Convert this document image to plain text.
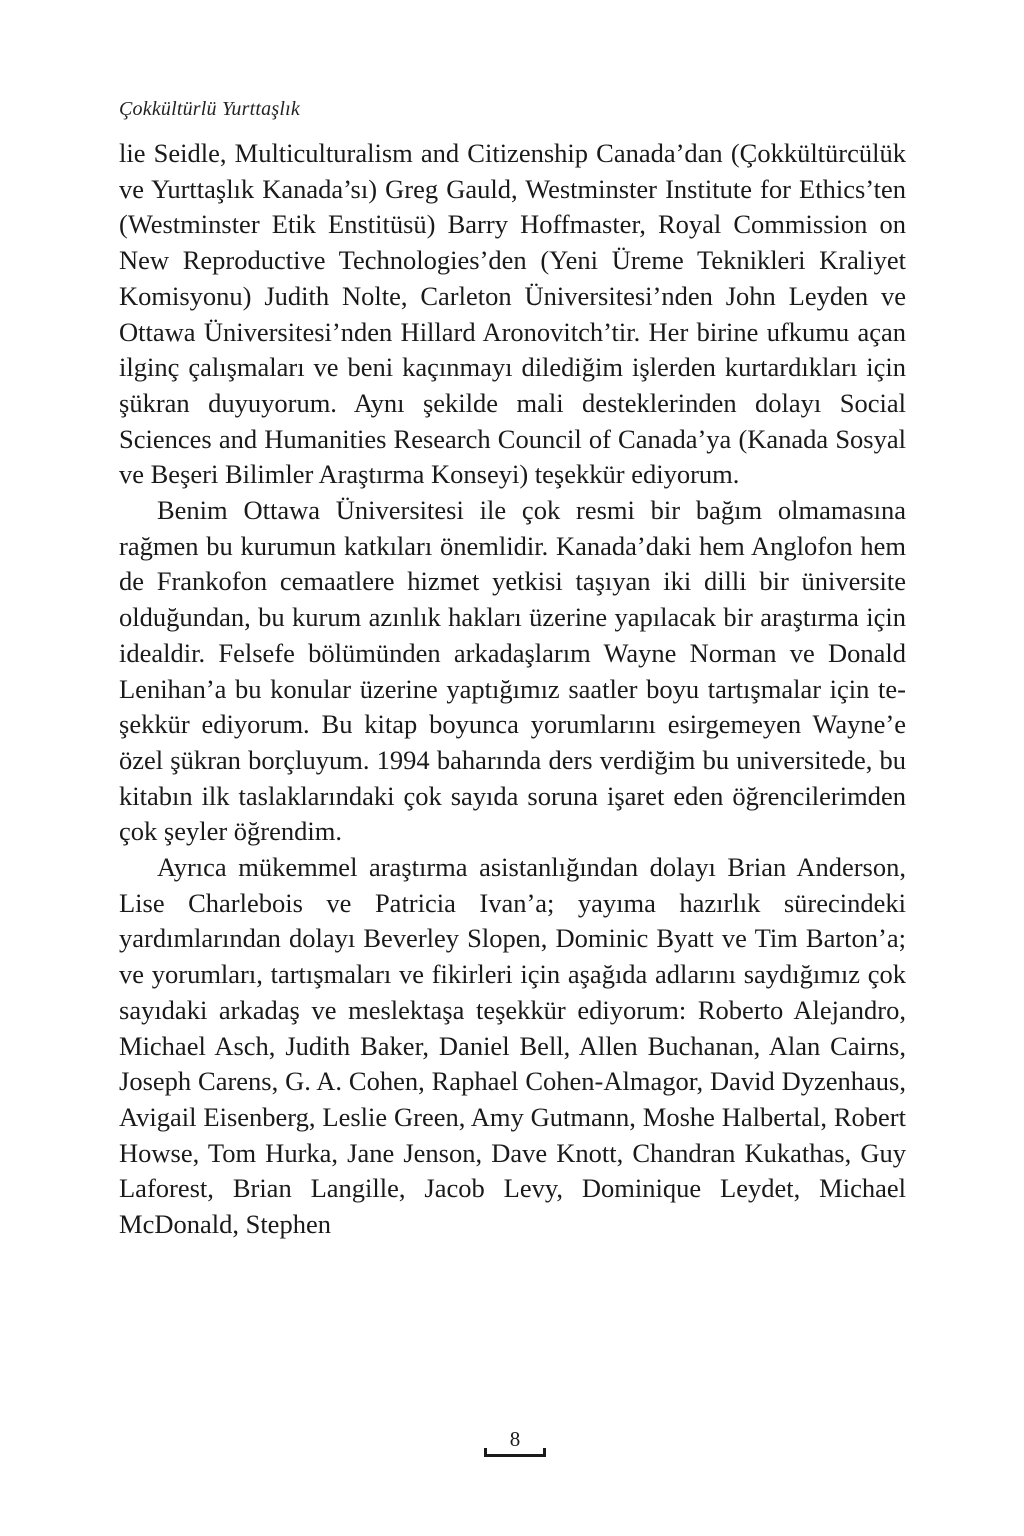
Çokkültürlü Yurttaşlık

lie Seidle, Multiculturalism and Citizenship Canada’dan (Çokkültürcülük ve Yurttaşlık Kanada’sı) Greg Gauld, Westminster Institute for Ethics’ten (Westminster Etik Enstitüsü) Barry Hoffmaster, Royal Commission on New Reproductive Technologies’den (Yeni Üreme Teknikleri Kraliyet Komisyonu) Judith Nolte, Carleton Üniversitesi’nden John Leyden ve Ottawa Üniversitesi’nden Hillard Aronovitch’tir. Her birine ufkumu açan ilginç çalışmaları ve beni kaçınmayı dilediğim işlerden kurtardıkları için şükran duyuyorum. Aynı şekilde mali desteklerinden dolayı Social Sciences and Humanities Research Council of Canada’ya (Kanada Sosyal ve Beşeri Bilimler Araştırma Konseyi) teşekkür ediyorum.

Benim Ottawa Üniversitesi ile çok resmi bir bağım olmamasına rağmen bu kurumun katkıları önemlidir. Kanada’daki hem Anglofon hem de Frankofon cemaatlere hizmet yetkisi taşıyan iki dilli bir üniversite olduğundan, bu kurum azınlık hakları üzerine yapılacak bir araştırma için idealdir. Felsefe bölümünden arkadaşlarım Wayne Norman ve Donald Lenihan’a bu konular üzerine yaptığımız saatler boyu tartışmalar için teşekkür ediyorum. Bu kitap boyunca yorumlarını esirgemeyen Wayne’e özel şükran borçluyum. 1994 baharında ders verdiğim bu universitede, bu kitabın ilk taslaklarındaki çok sayıda soruna işaret eden öğrencilerimden çok şeyler öğrendim.

Ayrıca mükemmel araştırma asistanlığından dolayı Brian Anderson, Lise Charlebois ve Patricia Ivan’a; yayıma hazırlık sürecindeki yardımlarından dolayı Beverley Slopen, Dominic Byatt ve Tim Barton’a; ve yorumları, tartışmaları ve fikirleri için aşağıda adlarını saydığımız çok sayıdaki arkadaş ve meslektaşa teşekkür ediyorum: Roberto Alejandro, Michael Asch, Judith Baker, Daniel Bell, Allen Buchanan, Alan Cairns, Joseph Carens, G. A. Cohen, Raphael Cohen-Almagor, David Dyzenhaus, Avigail Eisenberg, Leslie Green, Amy Gutmann, Moshe Halbertal, Robert Howse, Tom Hurka, Jane Jenson, Dave Knott, Chandran Kukathas, Guy Laforest, Brian Langille, Jacob Levy, Dominique Leydet, Michael McDonald, Stephen

8
